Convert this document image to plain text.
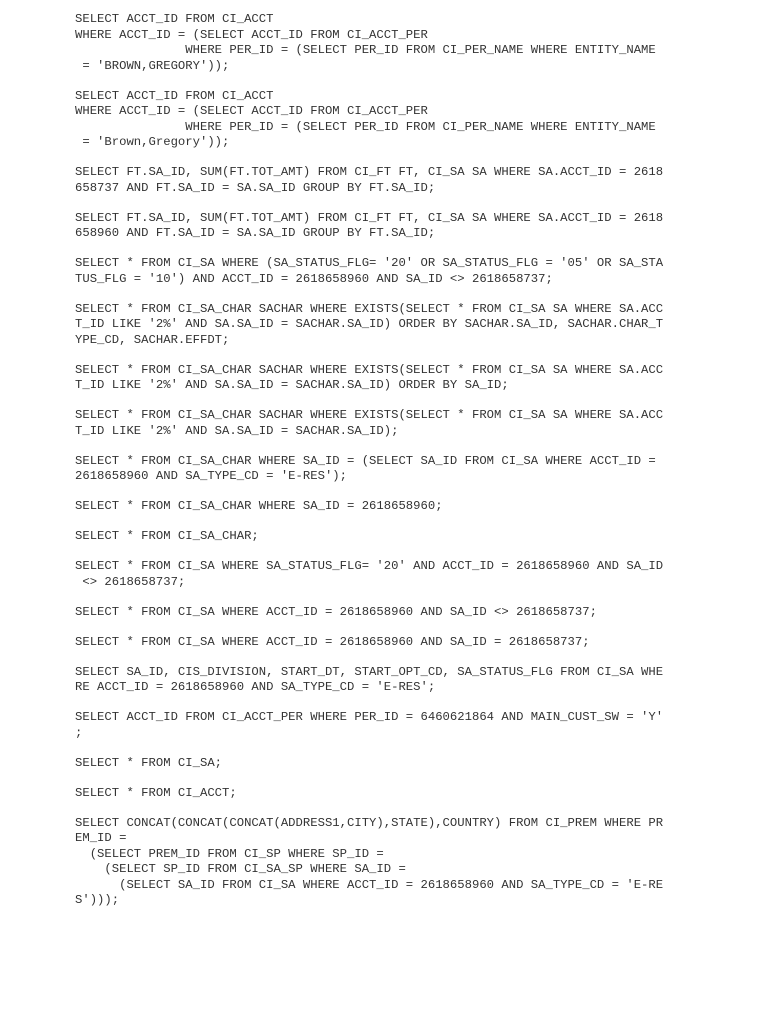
SELECT ACCT_ID FROM CI_ACCT
WHERE ACCT_ID = (SELECT ACCT_ID FROM CI_ACCT_PER
WHERE PER_ID = (SELECT PER_ID FROM CI_PER_NAME WHERE ENTITY_NAME
= 'BROWN,GREGORY'));
SELECT ACCT_ID FROM CI_ACCT
WHERE ACCT_ID = (SELECT ACCT_ID FROM CI_ACCT_PER
WHERE PER_ID = (SELECT PER_ID FROM CI_PER_NAME WHERE ENTITY_NAME
= 'Brown,Gregory'));
SELECT FT.SA_ID, SUM(FT.TOT_AMT) FROM CI_FT FT, CI_SA SA WHERE SA.ACCT_ID = 2618
658737 AND FT.SA_ID = SA.SA_ID GROUP BY FT.SA_ID;
SELECT FT.SA_ID, SUM(FT.TOT_AMT) FROM CI_FT FT, CI_SA SA WHERE SA.ACCT_ID = 2618
658960 AND FT.SA_ID = SA.SA_ID GROUP BY FT.SA_ID;
SELECT * FROM CI_SA WHERE (SA_STATUS_FLG= '20' OR SA_STATUS_FLG = '05' OR SA_STA
TUS_FLG = '10') AND ACCT_ID = 2618658960 AND SA_ID <> 2618658737;
SELECT * FROM CI_SA_CHAR SACHAR WHERE EXISTS(SELECT * FROM CI_SA SA WHERE SA.ACC
T_ID LIKE '2%' AND SA.SA_ID = SACHAR.SA_ID) ORDER BY SACHAR.SA_ID, SACHAR.CHAR_T
YPE_CD, SACHAR.EFFDT;
SELECT * FROM CI_SA_CHAR SACHAR WHERE EXISTS(SELECT * FROM CI_SA SA WHERE SA.ACC
T_ID LIKE '2%' AND SA.SA_ID = SACHAR.SA_ID) ORDER BY SA_ID;
SELECT * FROM CI_SA_CHAR SACHAR WHERE EXISTS(SELECT * FROM CI_SA SA WHERE SA.ACC
T_ID LIKE '2%' AND SA.SA_ID = SACHAR.SA_ID);
SELECT * FROM CI_SA_CHAR WHERE SA_ID = (SELECT SA_ID FROM CI_SA WHERE ACCT_ID =
2618658960 AND SA_TYPE_CD = 'E-RES');
SELECT * FROM CI_SA_CHAR WHERE SA_ID = 2618658960;
SELECT * FROM CI_SA_CHAR;
SELECT * FROM CI_SA WHERE SA_STATUS_FLG= '20' AND ACCT_ID = 2618658960 AND SA_ID
<> 2618658737;
SELECT * FROM CI_SA WHERE ACCT_ID = 2618658960 AND SA_ID <> 2618658737;
SELECT * FROM CI_SA WHERE ACCT_ID = 2618658960 AND SA_ID = 2618658737;
SELECT SA_ID, CIS_DIVISION, START_DT, START_OPT_CD, SA_STATUS_FLG FROM CI_SA WHE
RE ACCT_ID = 2618658960 AND SA_TYPE_CD = 'E-RES';
SELECT ACCT_ID FROM CI_ACCT_PER WHERE PER_ID = 6460621864 AND MAIN_CUST_SW = 'Y'
;
SELECT * FROM CI_SA;
SELECT * FROM CI_ACCT;
SELECT CONCAT(CONCAT(CONCAT(ADDRESS1,CITY),STATE),COUNTRY) FROM CI_PREM WHERE PR
EM_ID =
(SELECT PREM_ID FROM CI_SP WHERE SP_ID =
(SELECT SP_ID FROM CI_SA_SP WHERE SA_ID =
(SELECT SA_ID FROM CI_SA WHERE ACCT_ID = 2618658960 AND SA_TYPE_CD = 'E-RE
S')));
